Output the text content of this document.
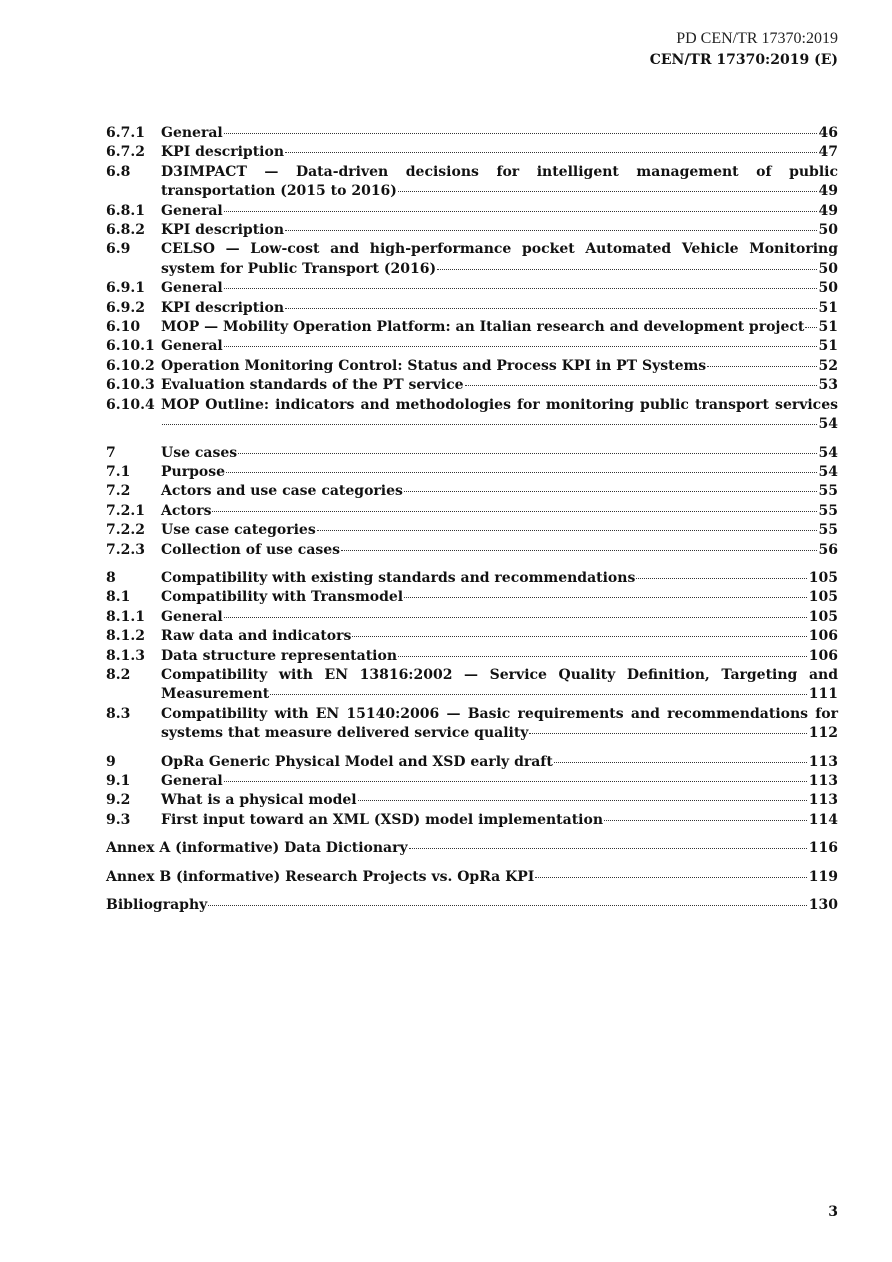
PD CEN/TR 17370:2019
CEN/TR 17370:2019 (E)
6.7.1 General	46
6.7.2 KPI description	47
6.8 D3IMPACT — Data-driven decisions for intelligent management of public
transportation (2015 to 2016)	49
6.8.1 General	49
6.8.2 KPI description	50
6.9 CELSO — Low-cost and high-performance pocket Automated Vehicle Monitoring
system for Public Transport (2016)	50
6.9.1 General	50
6.9.2 KPI description	51
6.10 MOP — Mobility Operation Platform: an Italian research and development project 51
6.10.1 General	51
6.10.2 Operation Monitoring Control: Status and Process KPI in PT Systems	52
6.10.3 Evaluation standards of the PT service	53
6.10.4 MOP Outline: indicators and methodologies for monitoring public transport services
54
7	Use cases	54
7.1 Purpose	54
7.2 Actors and use case categories	55
7.2.1 Actors	55
7.2.2 Use case categories	55
7.2.3 Collection of use cases	56
8	Compatibility with existing standards and recommendations	105
8.1 Compatibility with Transmodel	105
8.1.1 General	105
8.1.2 Raw data and indicators	106
8.1.3 Data structure representation	106
8.2 Compatibility with EN 13816:2002 — Service Quality Definition, Targeting and
Measurement	111
8.3 Compatibility with EN 15140:2006 — Basic requirements and recommendations for
systems that measure delivered service quality	112
9	OpRa Generic Physical Model and XSD early draft	113
9.1 General	113
9.2 What is a physical model	113
9.3 First input toward an XML (XSD) model implementation	114
Annex A (informative) Data Dictionary	116
Annex B (informative) Research Projects vs. OpRa KPI	119
Bibliography	130
3
